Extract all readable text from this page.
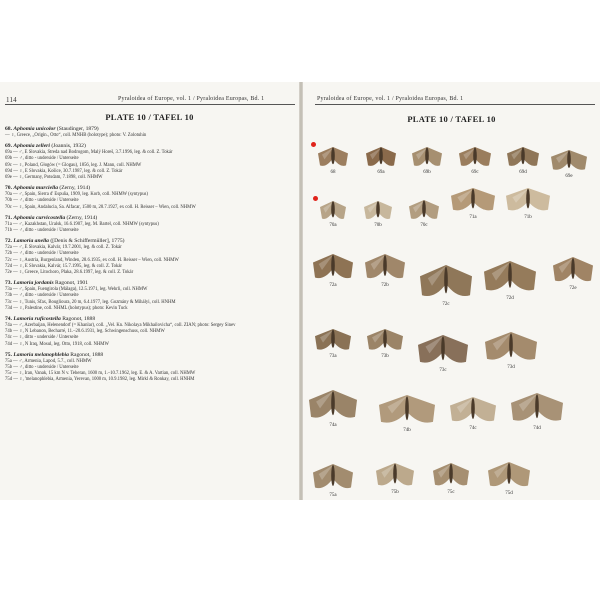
114	Pyraloidea of Europe, vol. 1 / Pyraloidea Europas, Bd. 1
PLATE 10 / TAFEL 10
68. Aphomia unicolor (Staudinger, 1879)
— ♀, Greece, „Origin., Otto“, coll. MNHB (holotype); photo: V. Zolotuhin
69. Aphomia zelleri (Joannis, 1932)
69a — ♂, E Slovakia, Streda nad Bodrogom, Malý Horeš, 3.7.1996, leg. & coll. Z. Tokár
69b — ♂, ditto - underside / Unterseite
69c — ♀, Poland, Głogów (= Glogau), 1856, leg. J. Mann, coll. NHMW
69d — ♀, E Slovakia, Košice, 30.7.1987, leg. & coll. Z. Tokár
69e — ♀, Germany, Potsdam, 7.1898, coll. NHMW
70. Aphomia murciella (Zerny, 1914)
70a — ♂, Spain, Sierra d' Espuña, 1909, leg. Korb, coll. NHMW (syntypus)
70b — ♂, ditto - underside / Unterseite
70c — ♀, Spain, Andalucia, Sa. Alfacar, 1500 m, 28.7.1927, ex coll. H. Reisser – Wien, coll. NHMW
71. Aphomia curvicostella (Zerny, 1914)
71a — ♂, Kazakhstan, Uralsk, 16.6.1907, leg. M. Bartel, coll. NHMW (syntypus)
71b — ♂, ditto - underside / Unterseite
72. Lamoria anella ([Denis & Schiffermüller], 1775)
72a — ♂, E Slovakia, Kalvár, 19.7.2001, leg. & coll. Z. Tokár
72b — ♂, ditto - underside / Unterseite
72c — ♀, Austria, Burgenland, Winden, 28.6.1935, ex coll. H. Reisser – Wien, coll. NHMW
72d — ♀, E Slovakia, Kalvár, 15.7.1995, leg. & coll. Z. Tokár
72e — ♀, Greece, Litochoro, Plaka, 28.6.1997, leg. & coll. Z. Tokár
73. Lamoria jordanis Ragonot, 1901
73a — ♂, Spain, Fuengirola (Málaga), 12.5.1971, leg. Wehrli, coll. NHMW
73b — ♂, ditto - underside / Unterseite
73c — ♀, Tunis, Sfax, Bouglioura, 20 m, 6.4.1977, leg. Gozmány & Mihályi, coll. HNHM
73d — ♀, Palestine, coll. NHML (holotypus); photo: Kevin Tuck
74. Lamoria ruficostella Ragonot, 1888
74a — ♂, Azerbaijan, Helenendorf (= Khanlar), coll. „Vel. Kn. Nikolaya Mikhailovicha“, coll. ZIAN; photo: Sergey Sinev
74b — ♀, N Lebanon, Becharré, 11.–20.6.1931, leg. Schwingenschuss, coll. NHMW
74c — ♀, ditto - underside / Unterseite
74d — ♀, N Iraq, Mosul, leg. Otto, 1918, coll. NHMW
75. Lamoria melanophlebia Ragonot, 1888
75a — ♂, Armenia, Lapod, 5.7., coll. NHMW
75b — ♂, ditto - underside / Unterseite
75c — ♀, Iran, Vanak, 15 km N v. Teheran, 1600 m, 1.–10.7.1962, leg. E. & A. Vartian, coll. NHMW
75d — ♀, 'melanophlebia, Armenia, Yerevan, 1000 m, 10.9.1982, leg. Mirkl & Ronkay, coll. HNHM
Pyraloidea of Europe, vol. 1 / Pyraloidea Europas, Bd. 1
PLATE 10 / TAFEL 10
68	69a	69b	69c	69d
69e
70a	70b	70c
71a	71b
72a	72b
72c
72d
72e
73a	73b
73c
73d
74a
74b	74c	74d
75a
75b	75c	75d
